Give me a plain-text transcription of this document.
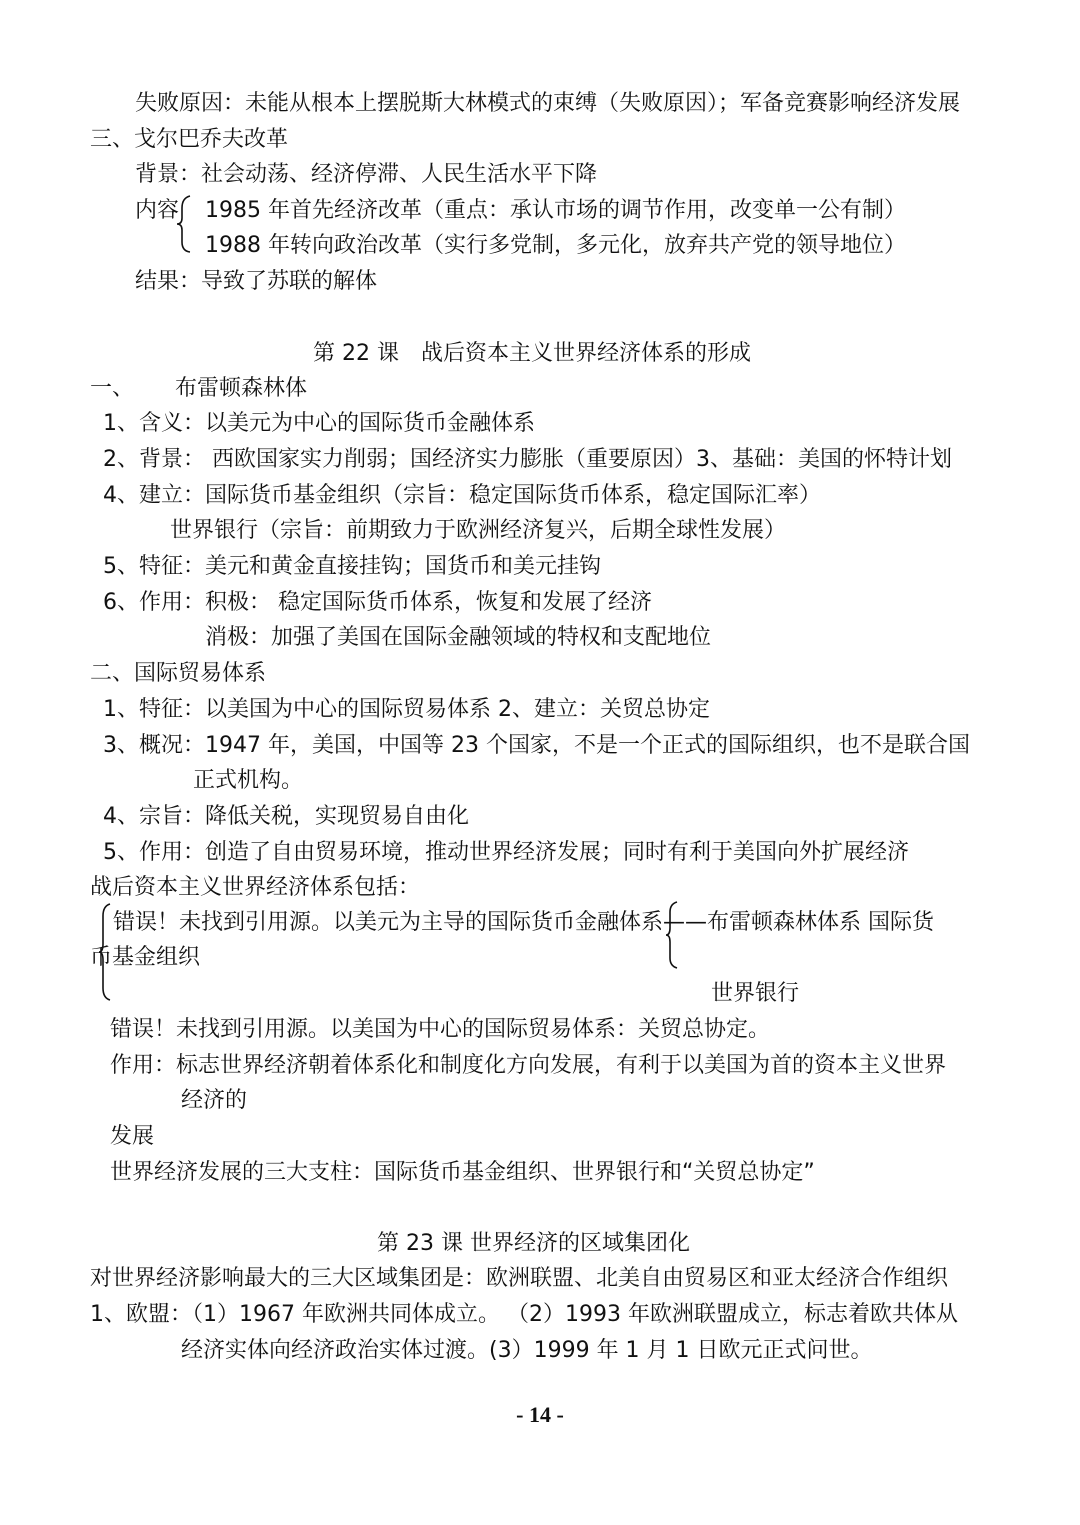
失败原因：未能从根本上摆脱斯大林模式的束缚（失败原因）；军备竞赛影响经济发展
三、戈尔巴乔夫改革
背景：社会动荡、经济停滞、人民生活水平下降
内容 1985 年首先经济改革（重点：承认市场的调节作用，改变单一公有制）
1988 年转向政治改革（实行多党制，多元化，放弃共产党的领导地位）
结果：导致了苏联的解体
第 22 课　战后资本主义世界经济体系的形成
一、 布雷顿森林体
1、含义：以美元为中心的国际货币金融体系
2、背景： 西欧国家实力削弱；国经济实力膨胀（重要原因）3、基础：美国的怀特计划
4、建立：国际货币基金组织（宗旨：稳定国际货币体系，稳定国际汇率）
世界银行（宗旨：前期致力于欧洲经济复兴，后期全球性发展）
5、特征：美元和黄金直接挂钩；国货币和美元挂钩
6、作用：积极： 稳定国际货币体系，恢复和发展了经济
消极：加强了美国在国际金融领域的特权和支配地位
二、国际贸易体系
1、特征：以美国为中心的国际贸易体系 2、建立：关贸总协定
3、概况：1947 年，美国，中国等 23 个国家，不是一个正式的国际组织，也不是联合国
正式机构。
4、宗旨：降低关税，实现贸易自由化
5、作用：创造了自由贸易环境，推动世界经济发展；同时有利于美国向外扩展经济
战后资本主义世界经济体系包括：
错误！未找到引用源。以美元为主导的国际货币金融体系——布雷顿森林体系 国际货
币基金组织
世界银行
错误！未找到引用源。以美国为中心的国际贸易体系：关贸总协定。
作用：标志世界经济朝着体系化和制度化方向发展，有利于以美国为首的资本主义世界
经济的
发展
世界经济发展的三大支柱：国际货币基金组织、世界银行和“关贸总协定”
第 23 课 世界经济的区域集团化
对世界经济影响最大的三大区域集团是：欧洲联盟、北美自由贸易区和亚太经济合作组织
1、欧盟：（1）1967 年欧洲共同体成立。 （2）1993 年欧洲联盟成立，标志着欧共体从
经济实体向经济政治实体过渡。(3）1999 年 1 月 1 日欧元正式问世。
- 14 -
